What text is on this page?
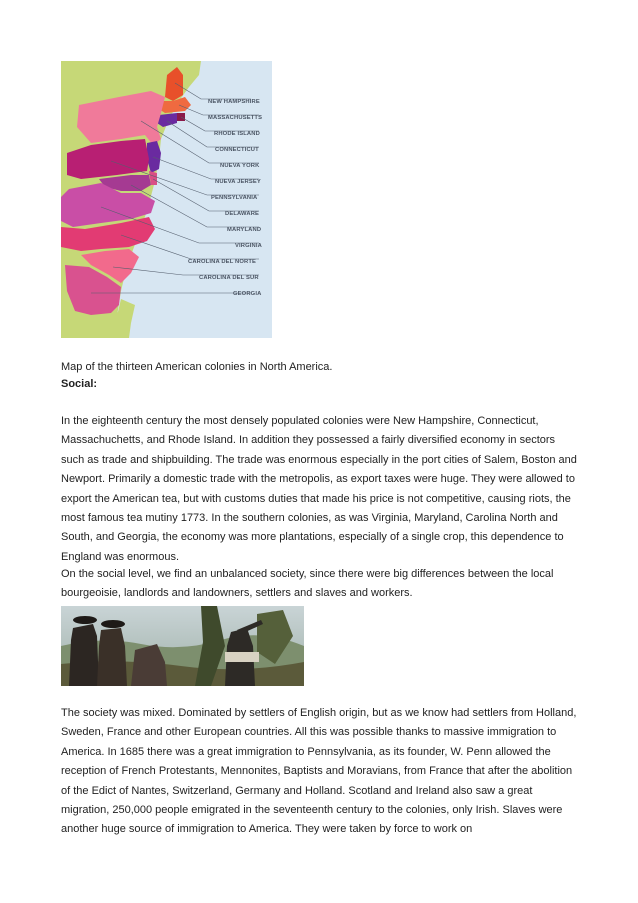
NEW HAMPSHIRE
MASSACHUSETTS
RHODE ISLAND
CONNECTICUT
NUEVA YORK
NUEVA JERSEY
PENNSYLVANIA
DELAWARE
MARYLAND
VIRGINIA
CAROLINA DEL NORTE
CAROLINA DEL SUR
GEORGIA

Map of the thirteen American colonies in North America.

Social:

In the eighteenth century the most densely populated colonies were New Hampshire, Connecticut, Massachuchetts, and Rhode Island. In addition they possessed a fairly diversified economy in sectors such as trade and shipbuilding. The trade was enormous especially in the port cities of Salem, Boston and Newport. Primarily a domestic trade with the metropolis, as export taxes were huge. They were allowed to export the American tea, but with customs duties that made his price is not competitive, causing riots, the most famous tea mutiny 1773. In the southern colonies, as was Virginia, Maryland, Carolina North and South, and Georgia, the economy was more plantations, especially of a single crop, this dependence to England was enormous.

On the social level, we find an unbalanced society, since there were big differences between the local bourgeoisie, landlords and landowners, settlers and slaves and workers.

The society was mixed. Dominated by settlers of English origin, but as we know had settlers from Holland, Sweden, France and other European countries. All this was possible thanks to massive immigration to America. In 1685 there was a great immigration to Pennsylvania, as its founder, W. Penn allowed the reception of French Protestants, Mennonites, Baptists and Moravians, from France that after the abolition of the Edict of Nantes, Switzerland, Germany and Holland. Scotland and Ireland also saw a great migration, 250,000 people emigrated in the seventeenth century to the colonies, only Irish. Slaves were another huge source of immigration to America. They were taken by force to work on
